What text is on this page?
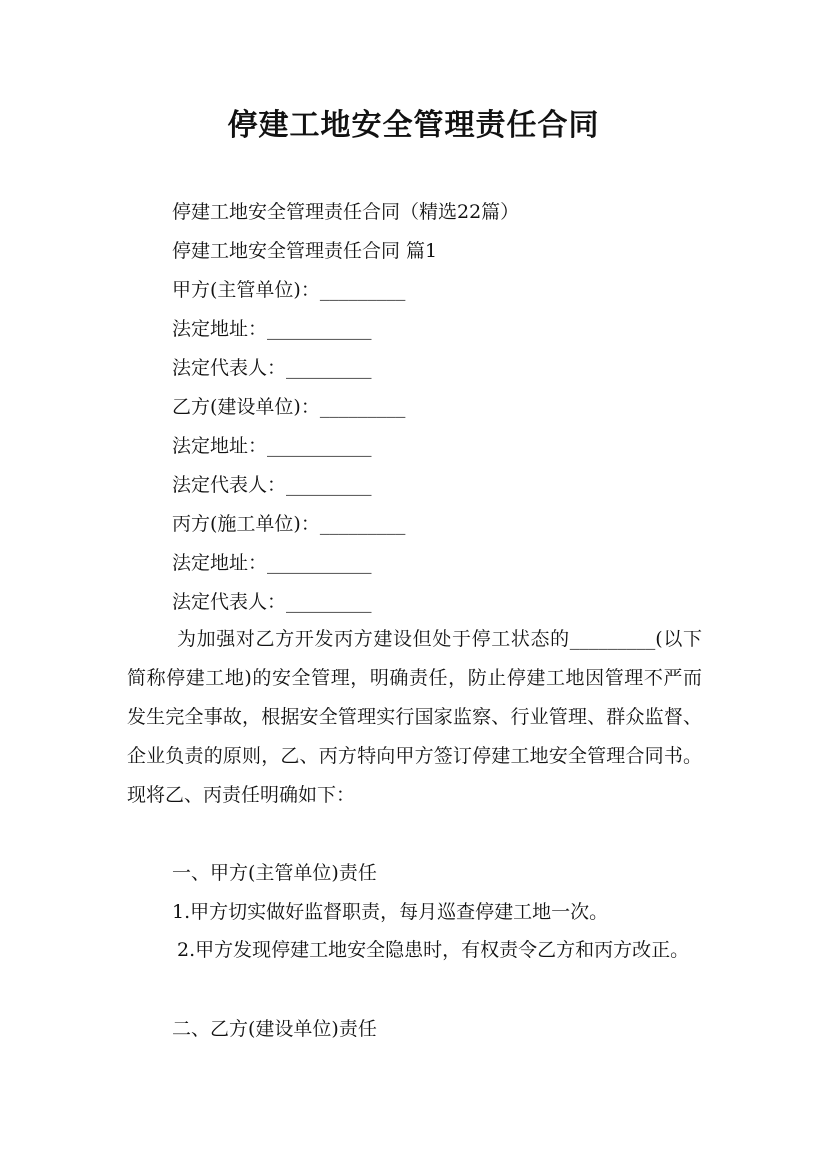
停建工地安全管理责任合同
停建工地安全管理责任合同（精选22篇）
停建工地安全管理责任合同 篇1
甲方(主管单位)：_________
法定地址：___________
法定代表人：_________
乙方(建设单位)：_________
法定地址：___________
法定代表人：_________
丙方(施工单位)：_________
法定地址：___________
法定代表人：_________
为加强对乙方开发丙方建设但处于停工状态的_________(以下简称停建工地)的安全管理，明确责任，防止停建工地因管理不严而发生完全事故，根据安全管理实行国家监察、行业管理、群众监督、企业负责的原则，乙、丙方特向甲方签订停建工地安全管理合同书。现将乙、丙责任明确如下：
一、甲方(主管单位)责任
1.甲方切实做好监督职责，每月巡查停建工地一次。
2.甲方发现停建工地安全隐患时，有权责令乙方和丙方改正。
二、乙方(建设单位)责任
